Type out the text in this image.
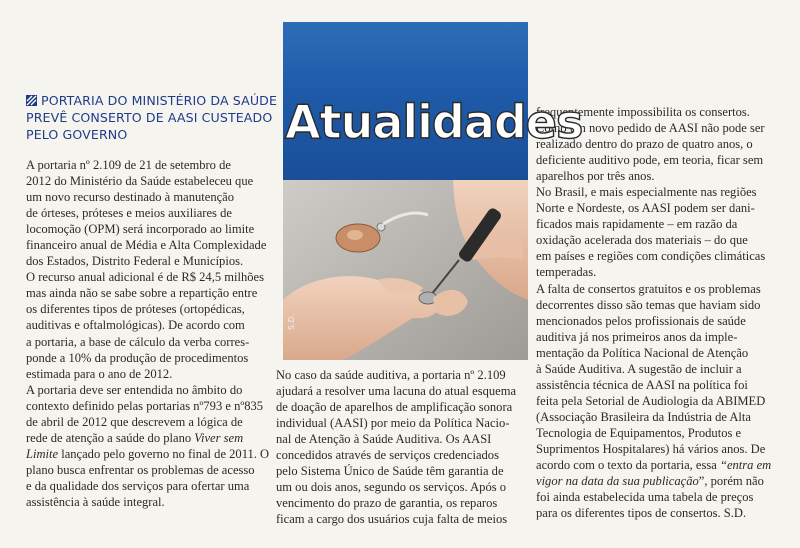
PORTARIA DO MINISTÉRIO DA SAÚDE
PREVÊ CONSERTO DE AASI CUSTEADO
PELO GOVERNO
A portaria nº 2.109 de 21 de setembro de
2012 do Ministério da Saúde estabeleceu que
um novo recurso destinado à manutenção
de órteses, próteses e meios auxiliares de
locomoção (OPM) será incorporado ao limite
financeiro anual de Média e Alta Complexidade
dos Estados, Distrito Federal e Municípios.
O recurso anual adicional é de R$ 24,5 milhões
mas ainda não se sabe sobre a repartição entre
os diferentes tipos de próteses (ortopédicas,
auditivas e oftalmológicas). De acordo com
a portaria, a base de cálculo da verba corres-
ponde a 10% da produção de procedimentos
estimada para o ano de 2012.
A portaria deve ser entendida no âmbito do
contexto definido pelas portarias nº793 e nº835
de abril de 2012 que descrevem a lógica de
rede de atenção a saúde do plano Viver sem
Limite lançado pelo governo no final de 2011. O
plano busca enfrentar os problemas de acesso
e da qualidade dos serviços para ofertar uma
assistência à saúde integral.
Atualidades
S.D.
No caso da saúde auditiva, a portaria nº 2.109
ajudará a resolver uma lacuna do atual esquema
de doação de aparelhos de amplificação sonora
individual (AASI) por meio da Política Nacio-
nal de Atenção à Saúde Auditiva. Os AASI
concedidos através de serviços credenciados
pelo Sistema Único de Saúde têm garantia de
um ou dois anos, segundo os serviços. Após o
vencimento do prazo de garantia, os reparos
ficam a cargo dos usuários cuja falta de meios
frequentemente impossibilita os consertos.
Como um novo pedido de AASI não pode ser
realizado dentro do prazo de quatro anos, o
deficiente auditivo pode, em teoria, ficar sem
aparelhos por três anos.
No Brasil, e mais especialmente nas regiões
Norte e Nordeste, os AASI podem ser dani-
ficados mais rapidamente – em razão da
oxidação acelerada dos materiais – do que
em países e regiões com condições climáticas
temperadas.
A falta de consertos gratuitos e os problemas
decorrentes disso são temas que haviam sido
mencionados pelos profissionais de saúde
auditiva já nos primeiros anos da imple-
mentação da Política Nacional de Atenção
à Saúde Auditiva. A sugestão de incluir a
assistência técnica de AASI na política foi
feita pela Setorial de Audiologia da ABIMED
(Associação Brasileira da Indústria de Alta
Tecnologia de Equipamentos, Produtos e
Suprimentos Hospitalares) há vários anos. De
acordo com o texto da portaria, essa “entra em
vigor na data da sua publicação”, porém não
foi ainda estabelecida uma tabela de preços
para os diferentes tipos de consertos. S.D.
